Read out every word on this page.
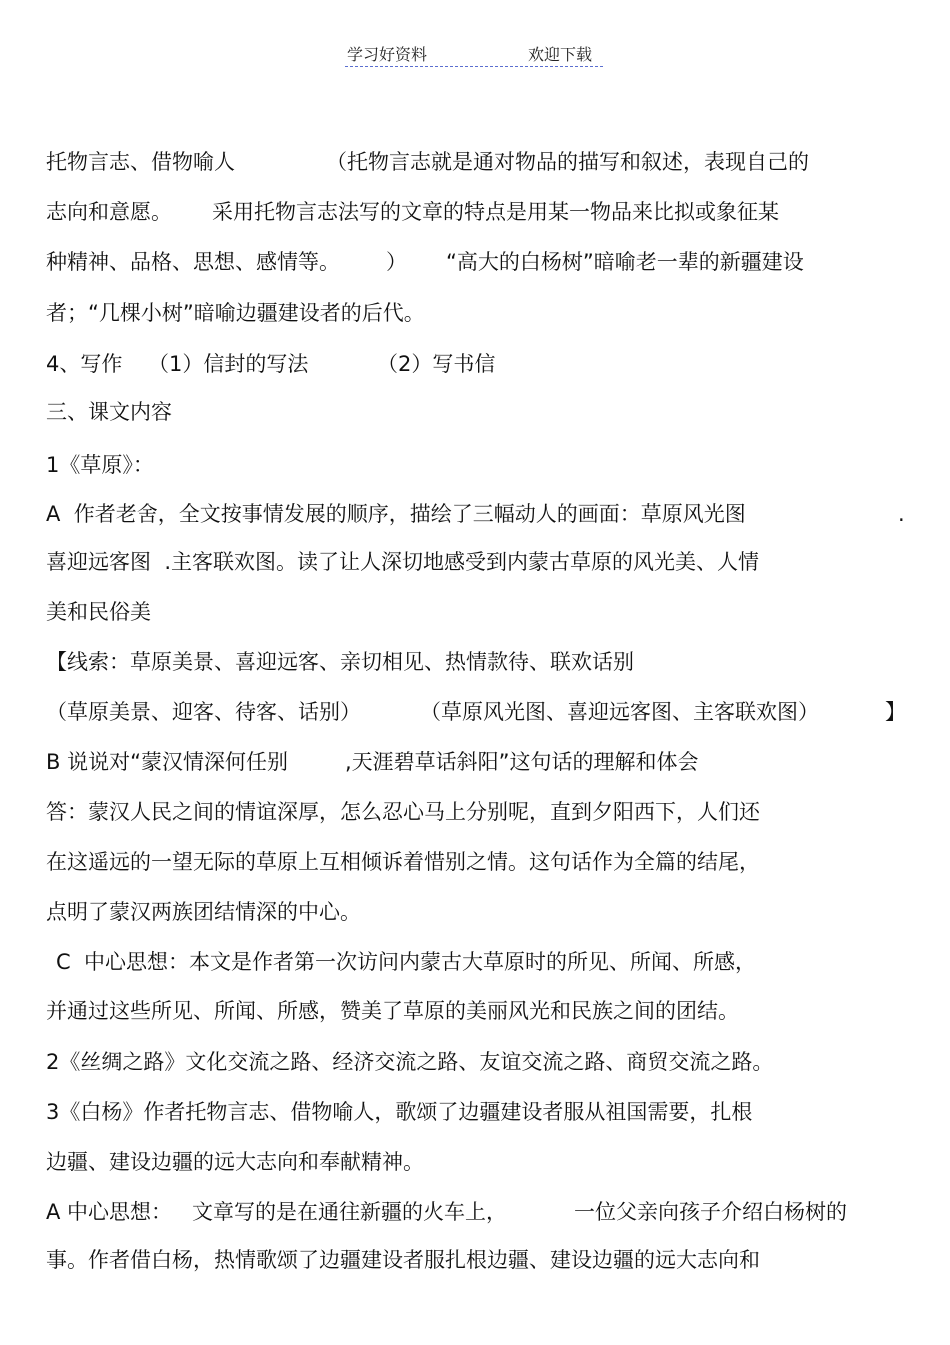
学习好资料	欢迎下载
托物言志、借物喻人	（托物言志就是通对物品的描写和叙述，表现自己的
志向和意愿。 采用托物言志法写的文章的特点是用某一物品来比拟或象征某
种精神、品格、思想、感情等。 ） “高大的白杨树”暗喻老一辈的新疆建设
者；“几棵小树”暗喻边疆建设者的后代。
4、写作 （1）信封的写法	（2）写书信
三、课文内容
1《草原》：
A  作者老舍，全文按事情发展的顺序，描绘了三幅动人的画面：草原风光图	.
喜迎远客图  .主客联欢图。读了让人深切地感受到内蒙古草原的风光美、人情
美和民俗美
【线索：草原美景、喜迎远客、亲切相见、热情款待、联欢话别
（草原美景、迎客、待客、话别）	（草原风光图、喜迎远客图、主客联欢图）	】
B 说说对“蒙汉情深何任别	,天涯碧草话斜阳”这句话的理解和体会
答：蒙汉人民之间的情谊深厚，怎么忍心马上分别呢，直到夕阳西下，人们还
在这遥远的一望无际的草原上互相倾诉着惜别之情。这句话作为全篇的结尾，
点明了蒙汉两族团结情深的中心。
C  中心思想：本文是作者第一次访问内蒙古大草原时的所见、所闻、所感，
并通过这些所见、所闻、所感，赞美了草原的美丽风光和民族之间的团结。
2《丝绸之路》文化交流之路、经济交流之路、友谊交流之路、商贸交流之路。
3《白杨》作者托物言志、借物喻人，歌颂了边疆建设者服从祖国需要，扎根
边疆、建设边疆的远大志向和奉献精神。
A 中心思想： 文章写的是在通往新疆的火车上，	一位父亲向孩子介绍白杨树的
事。作者借白杨，热情歌颂了边疆建设者服扎根边疆、建设边疆的远大志向和
